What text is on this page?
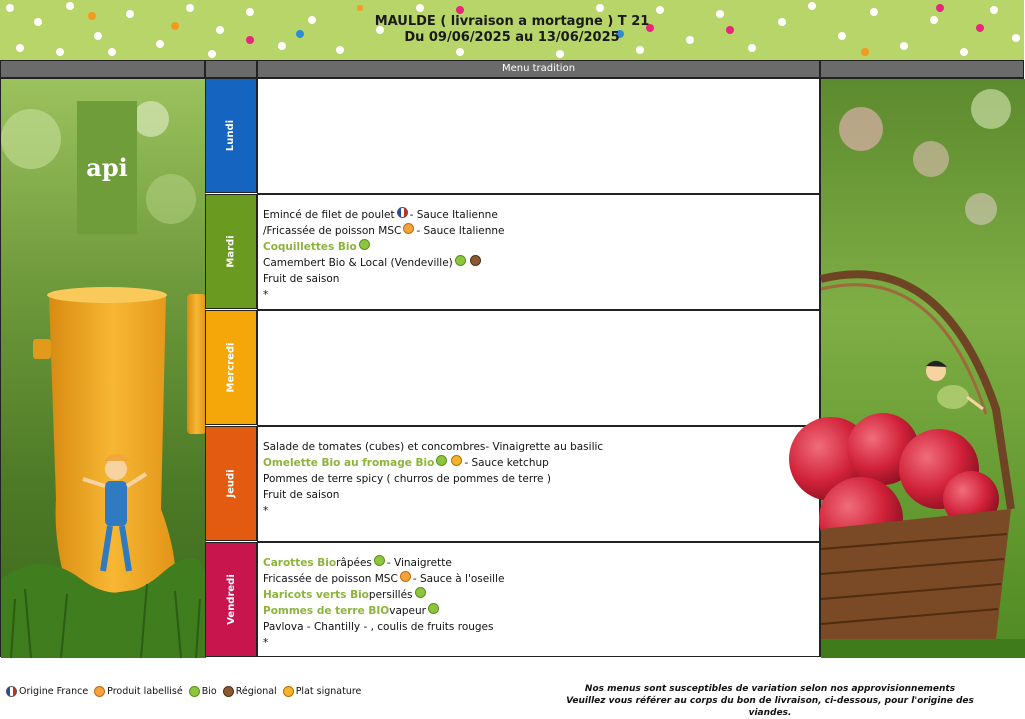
MAULDE ( livraison a mortagne ) T 21
Du 09/06/2025 au 13/06/2025
Menu tradition
api
Lundi
Mardi
Mercredi
Jeudi
Vendredi
Emincé de filet de poulet - Sauce Italienne
/Fricassée de poisson MSC - Sauce Italienne
Coquillettes Bio
Camembert Bio & Local (Vendeville)
Fruit de saison
*
Salade de tomates (cubes) et concombres - Vinaigrette au basilic
Omelette Bio au fromage Bio	- Sauce ketchup
Pommes de terre spicy ( churros de pommes de terre )
Fruit de saison
*
Carottes Bio râpées - Vinaigrette
Fricassée de poisson MSC - Sauce à l'oseille
Haricots verts Bio persillés
Pommes de terre BIO vapeur
Pavlova - Chantilly - , coulis de fruits rouges
*
Origine France Produit labellisé Bio Régional Plat signature	Nos menus sont susceptibles de variation selon nos approvisionnements
Veuillez vous référer au corps du bon de livraison, ci-dessous, pour l'origine des viandes.
